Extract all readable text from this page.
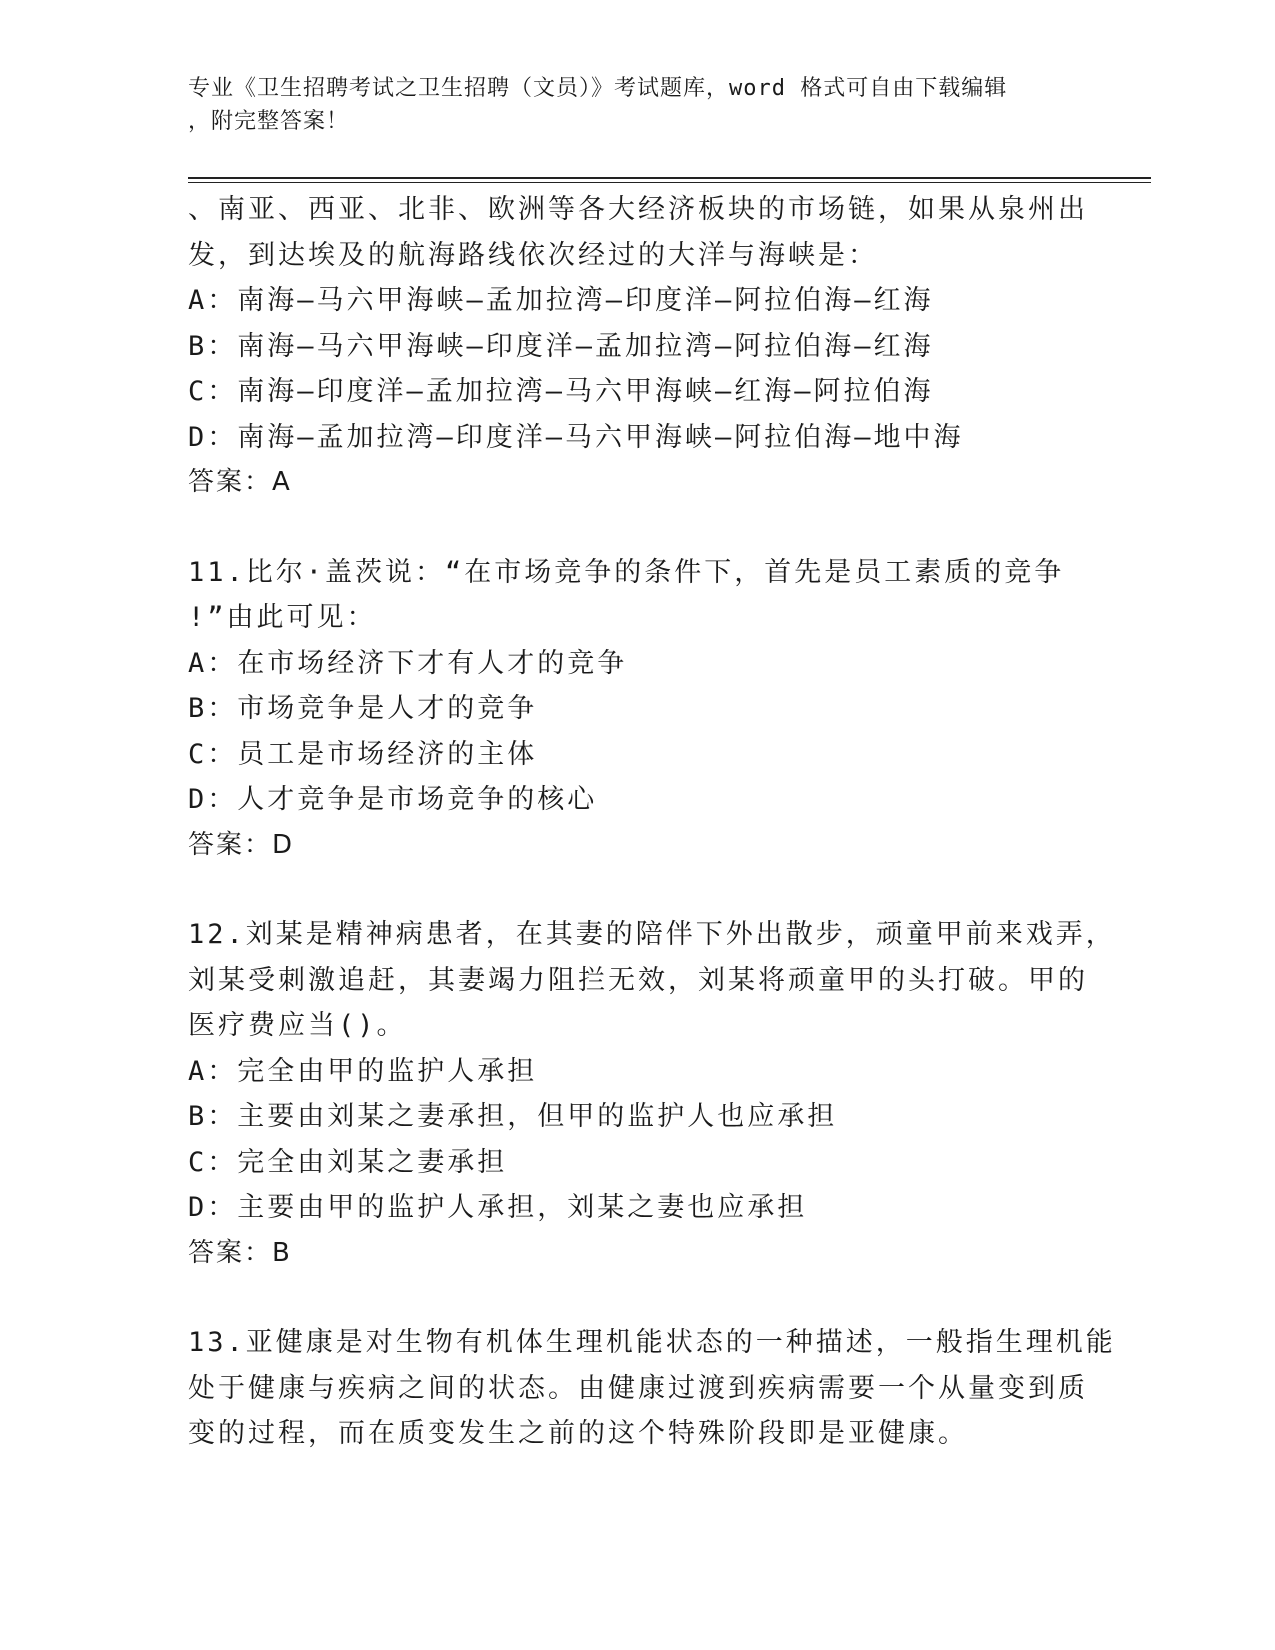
专业《卫生招聘考试之卫生招聘（文员）》考试题库，word 格式可自由下载编辑
，附完整答案！
、南亚、西亚、北非、欧洲等各大经济板块的市场链，如果从泉州出
发，到达埃及的航海路线依次经过的大洋与海峡是：
A：南海—马六甲海峡—孟加拉湾—印度洋—阿拉伯海—红海
B：南海—马六甲海峡—印度洋—孟加拉湾—阿拉伯海—红海
C：南海—印度洋—孟加拉湾—马六甲海峡—红海—阿拉伯海
D：南海—孟加拉湾—印度洋—马六甲海峡—阿拉伯海—地中海
答案：A
11.比尔·盖茨说：“在市场竞争的条件下，首先是员工素质的竞争
!”由此可见：
A：在市场经济下才有人才的竞争
B：市场竞争是人才的竞争
C：员工是市场经济的主体
D：人才竞争是市场竞争的核心
答案：D
12.刘某是精神病患者，在其妻的陪伴下外出散步，顽童甲前来戏弄，
刘某受刺激追赶，其妻竭力阻拦无效，刘某将顽童甲的头打破。甲的
医疗费应当()。
A：完全由甲的监护人承担
B：主要由刘某之妻承担，但甲的监护人也应承担
C：完全由刘某之妻承担
D：主要由甲的监护人承担，刘某之妻也应承担
答案：B
13.亚健康是对生物有机体生理机能状态的一种描述，一般指生理机能
处于健康与疾病之间的状态。由健康过渡到疾病需要一个从量变到质
变的过程，而在质变发生之前的这个特殊阶段即是亚健康。
